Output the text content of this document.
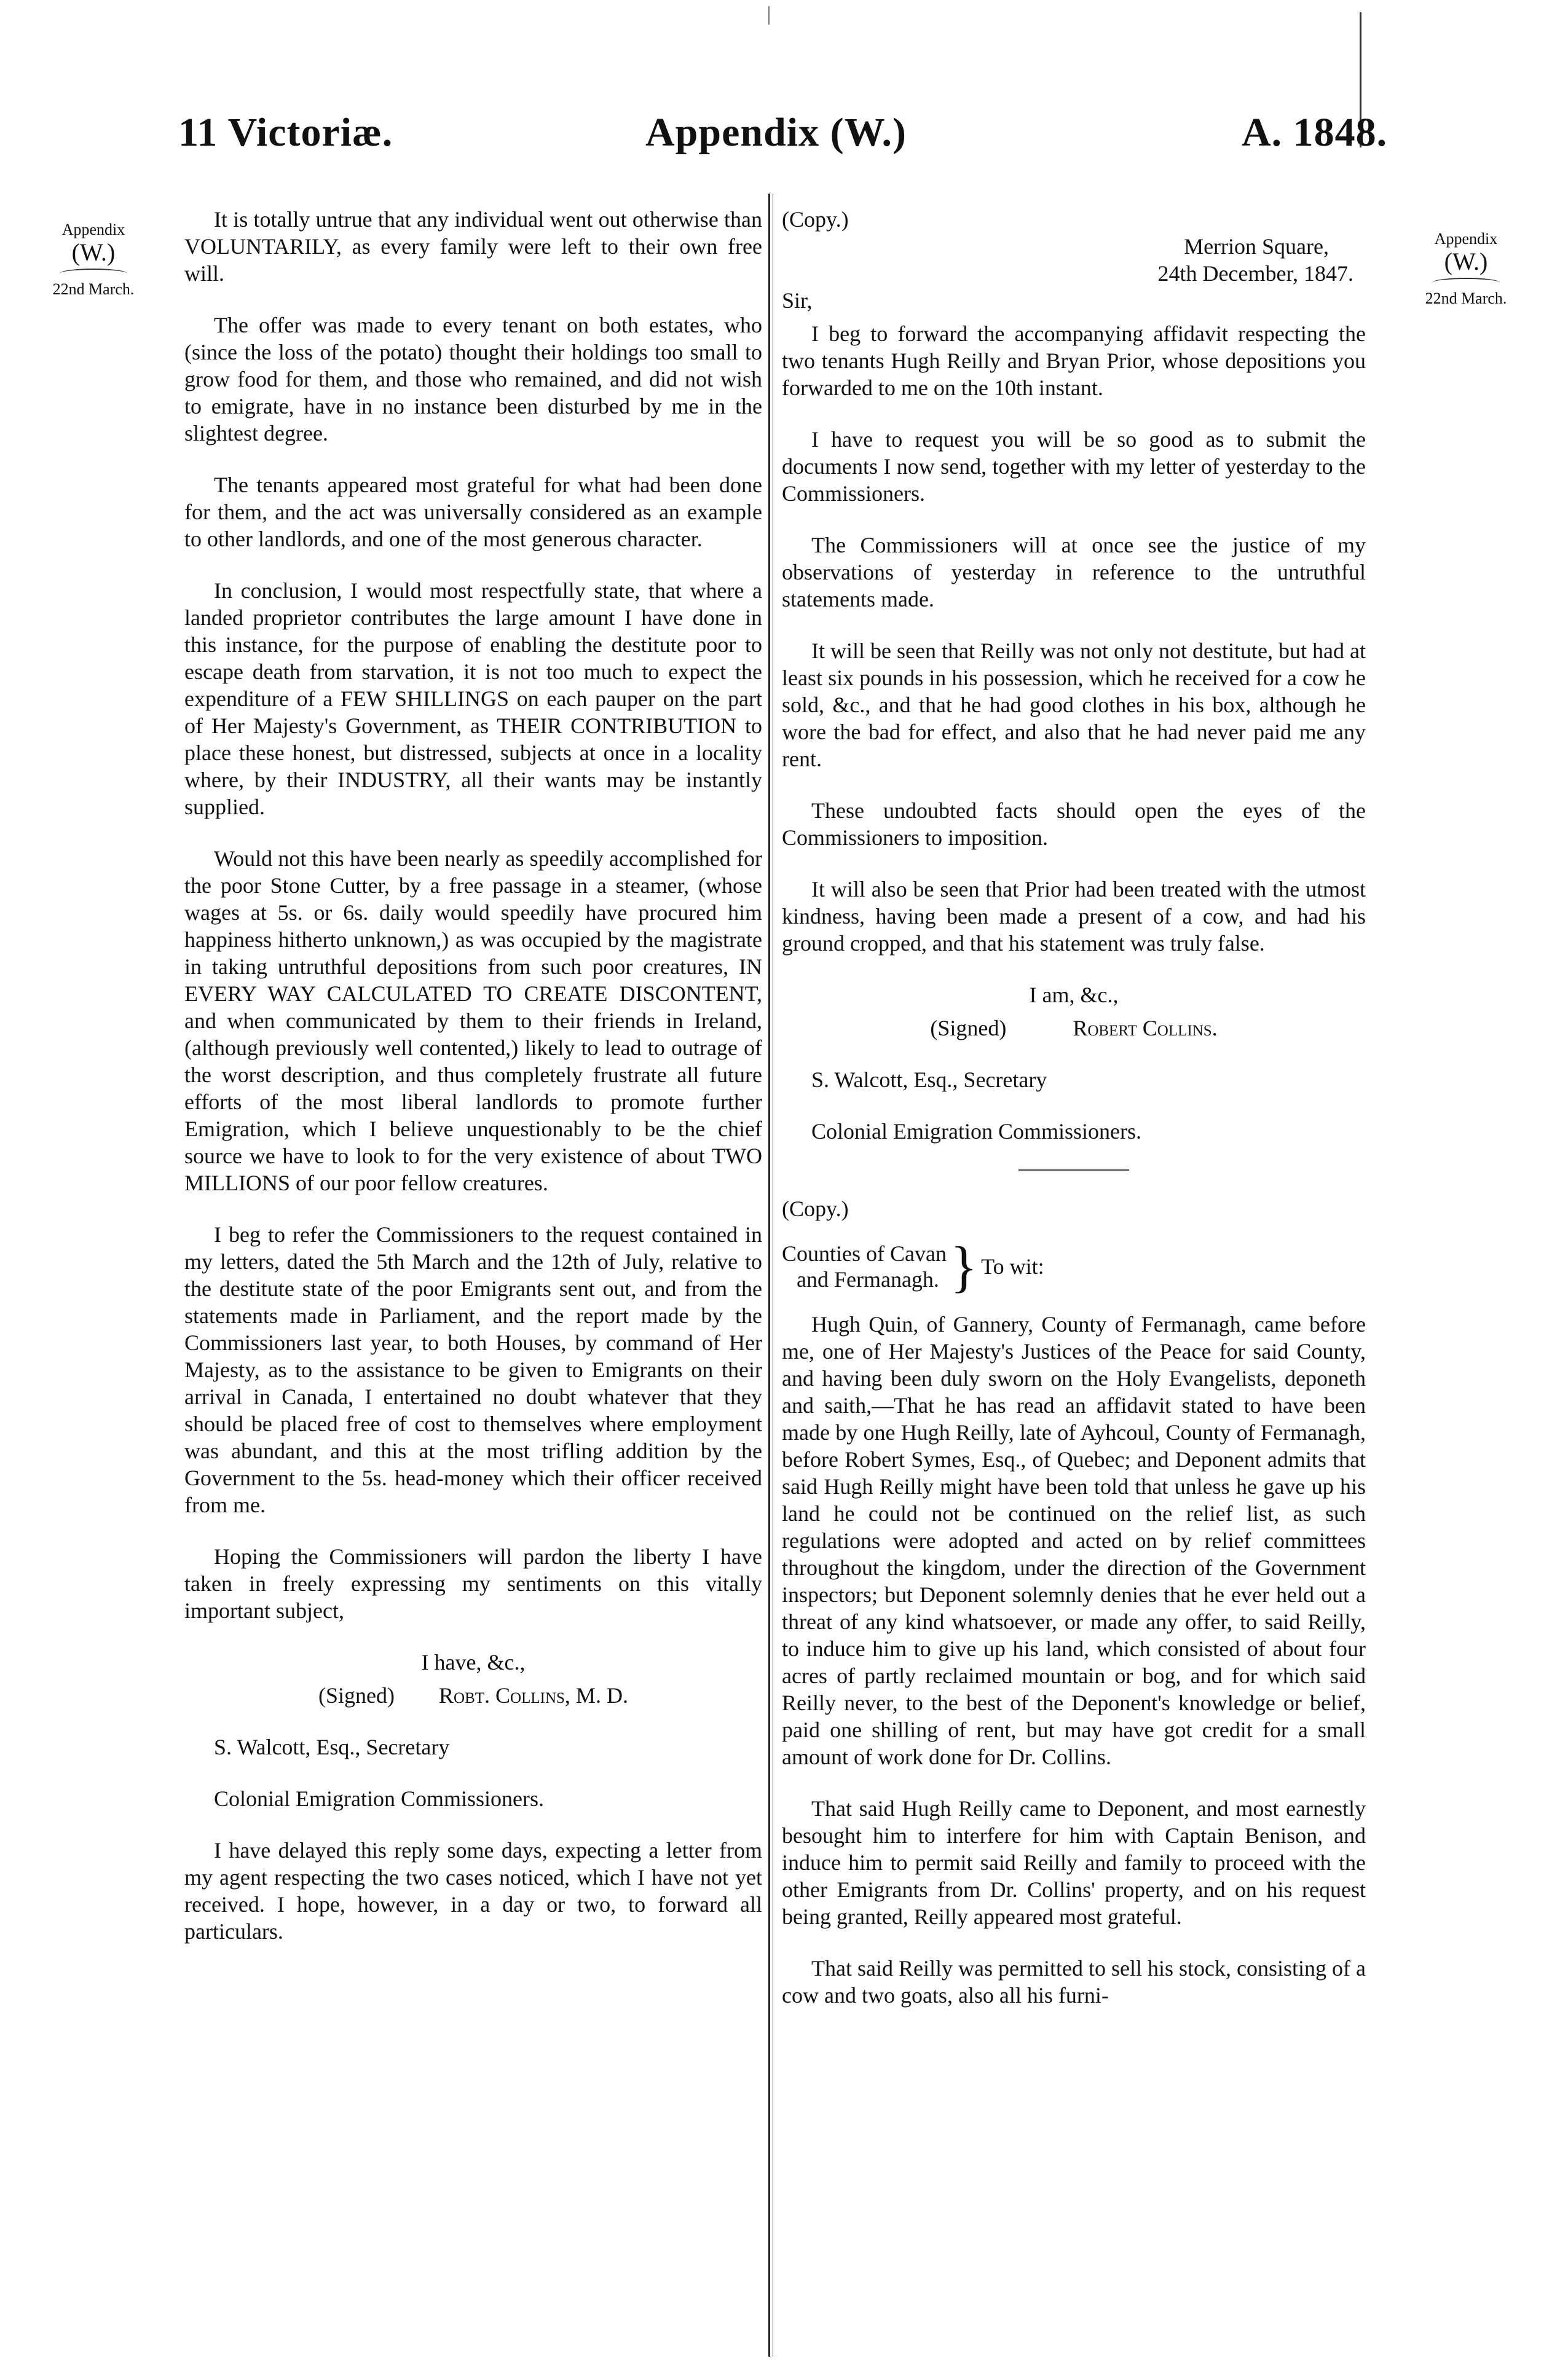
11 Victoriæ.	Appendix (W.)	A. 1848.
Appendix
(W.)
22nd March.
Appendix
(W.)
22nd March.

It is totally untrue that any individual went out otherwise than VOLUNTARILY, as every family were left to their own free will.

The offer was made to every tenant on both estates, who (since the loss of the potato) thought their holdings too small to grow food for them, and those who remained, and did not wish to emigrate, have in no instance been disturbed by me in the slightest degree.

The tenants appeared most grateful for what had been done for them, and the act was universally considered as an example to other landlords, and one of the most generous character.

In conclusion, I would most respectfully state, that where a landed proprietor contributes the large amount I have done in this instance, for the purpose of enabling the destitute poor to escape death from starvation, it is not too much to expect the expenditure of a FEW SHILLINGS on each pauper on the part of Her Majesty's Government, as THEIR CONTRIBUTION to place these honest, but distressed, subjects at once in a locality where, by their INDUSTRY, all their wants may be instantly supplied.

Would not this have been nearly as speedily accomplished for the poor Stone Cutter, by a free passage in a steamer, (whose wages at 5s. or 6s. daily would speedily have procured him happiness hitherto unknown,) as was occupied by the magistrate in taking untruthful depositions from such poor creatures, IN EVERY WAY CALCULATED TO CREATE DISCONTENT, and when communicated by them to their friends in Ireland, (although previously well contented,) likely to lead to outrage of the worst description, and thus completely frustrate all future efforts of the most liberal landlords to promote further Emigration, which I believe unquestionably to be the chief source we have to look to for the very existence of about TWO MILLIONS of our poor fellow creatures.

I beg to refer the Commissioners to the request contained in my letters, dated the 5th March and the 12th of July, relative to the destitute state of the poor Emigrants sent out, and from the statements made in Parliament, and the report made by the Commissioners last year, to both Houses, by command of Her Majesty, as to the assistance to be given to Emigrants on their arrival in Canada, I entertained no doubt whatever that they should be placed free of cost to themselves where employment was abundant, and this at the most trifling addition by the Government to the 5s. head-money which their officer received from me.

Hoping the Commissioners will pardon the liberty I have taken in freely expressing my sentiments on this vitally important subject,

I have, &c.,
(Signed) Robt. Collins, M. D.

S. Walcott, Esq., Secretary

Colonial Emigration Commissioners.

I have delayed this reply some days, expecting a letter from my agent respecting the two cases noticed, which I have not yet received. I hope, however, in a day or two, to forward all particulars.

(Copy.)

Merrion Square,

24th December, 1847.

Sir,

I beg to forward the accompanying affidavit respecting the two tenants Hugh Reilly and Bryan Prior, whose depositions you forwarded to me on the 10th instant.

I have to request you will be so good as to submit the documents I now send, together with my letter of yesterday to the Commissioners.

The Commissioners will at once see the justice of my observations of yesterday in reference to the untruthful statements made.

It will be seen that Reilly was not only not destitute, but had at least six pounds in his possession, which he received for a cow he sold, &c., and that he had good clothes in his box, although he wore the bad for effect, and also that he had never paid me any rent.

These undoubted facts should open the eyes of the Commissioners to imposition.

It will also be seen that Prior had been treated with the utmost kindness, having been made a present of a cow, and had his ground cropped, and that his statement was truly false.

I am, &c.,
(Signed)	Robert Collins.

S. Walcott, Esq., Secretary

Colonial Emigration Commissioners.

(Copy.)

Counties of Cavan
and Fermanagh. } To wit:

Hugh Quin, of Gannery, County of Fermanagh, came before me, one of Her Majesty's Justices of the Peace for said County, and having been duly sworn on the Holy Evangelists, deponeth and saith,—That he has read an affidavit stated to have been made by one Hugh Reilly, late of Ayhcoul, County of Fermanagh, before Robert Symes, Esq., of Quebec; and Deponent admits that said Hugh Reilly might have been told that unless he gave up his land he could not be continued on the relief list, as such regulations were adopted and acted on by relief committees throughout the kingdom, under the direction of the Government inspectors; but Deponent solemnly denies that he ever held out a threat of any kind whatsoever, or made any offer, to said Reilly, to induce him to give up his land, which consisted of about four acres of partly reclaimed mountain or bog, and for which said Reilly never, to the best of the Deponent's knowledge or belief, paid one shilling of rent, but may have got credit for a small amount of work done for Dr. Collins.

That said Hugh Reilly came to Deponent, and most earnestly besought him to interfere for him with Captain Benison, and induce him to permit said Reilly and family to proceed with the other Emigrants from Dr. Collins' property, and on his request being granted, Reilly appeared most grateful.

That said Reilly was permitted to sell his stock, consisting of a cow and two goats, also all his furni-
